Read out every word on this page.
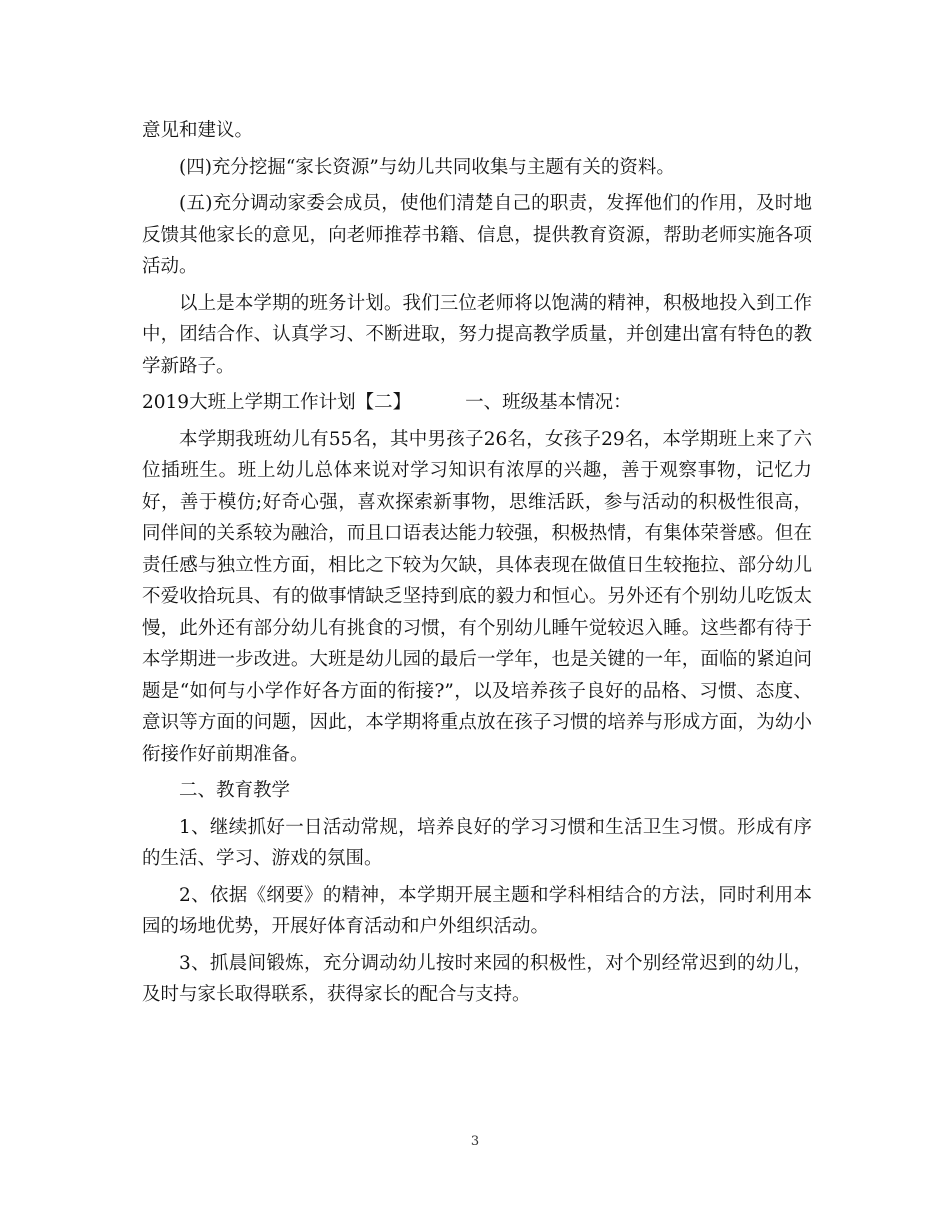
意见和建议。

(四)充分挖掘“家长资源”与幼儿共同收集与主题有关的资料。

(五)充分调动家委会成员，使他们清楚自己的职责，发挥他们的作用，及时地反馈其他家长的意见，向老师推荐书籍、信息，提供教育资源，帮助老师实施各项活动。

以上是本学期的班务计划。我们三位老师将以饱满的精神，积极地投入到工作中，团结合作、认真学习、不断进取，努力提高教学质量，并创建出富有特色的教学新路子。

2019大班上学期工作计划【二】	一、班级基本情况：

本学期我班幼儿有55名，其中男孩子26名，女孩子29名，本学期班上来了六位插班生。班上幼儿总体来说对学习知识有浓厚的兴趣，善于观察事物，记忆力好，善于模仿;好奇心强，喜欢探索新事物，思维活跃，参与活动的积极性很高，同伴间的关系较为融洽，而且口语表达能力较强，积极热情，有集体荣誉感。但在责任感与独立性方面，相比之下较为欠缺，具体表现在做值日生较拖拉、部分幼儿不爱收拾玩具、有的做事情缺乏坚持到底的毅力和恒心。另外还有个别幼儿吃饭太慢，此外还有部分幼儿有挑食的习惯，有个别幼儿睡午觉较迟入睡。这些都有待于本学期进一步改进。大班是幼儿园的最后一学年，也是关键的一年，面临的紧迫问题是“如何与小学作好各方面的衔接?”，以及培养孩子良好的品格、习惯、态度、意识等方面的问题，因此，本学期将重点放在孩子习惯的培养与形成方面，为幼小衔接作好前期准备。

二、教育教学

1、继续抓好一日活动常规，培养良好的学习习惯和生活卫生习惯。形成有序的生活、学习、游戏的氛围。

2、依据《纲要》的精神，本学期开展主题和学科相结合的方法，同时利用本园的场地优势，开展好体育活动和户外组织活动。

3、抓晨间锻炼，充分调动幼儿按时来园的积极性，对个别经常迟到的幼儿，及时与家长取得联系，获得家长的配合与支持。

3
